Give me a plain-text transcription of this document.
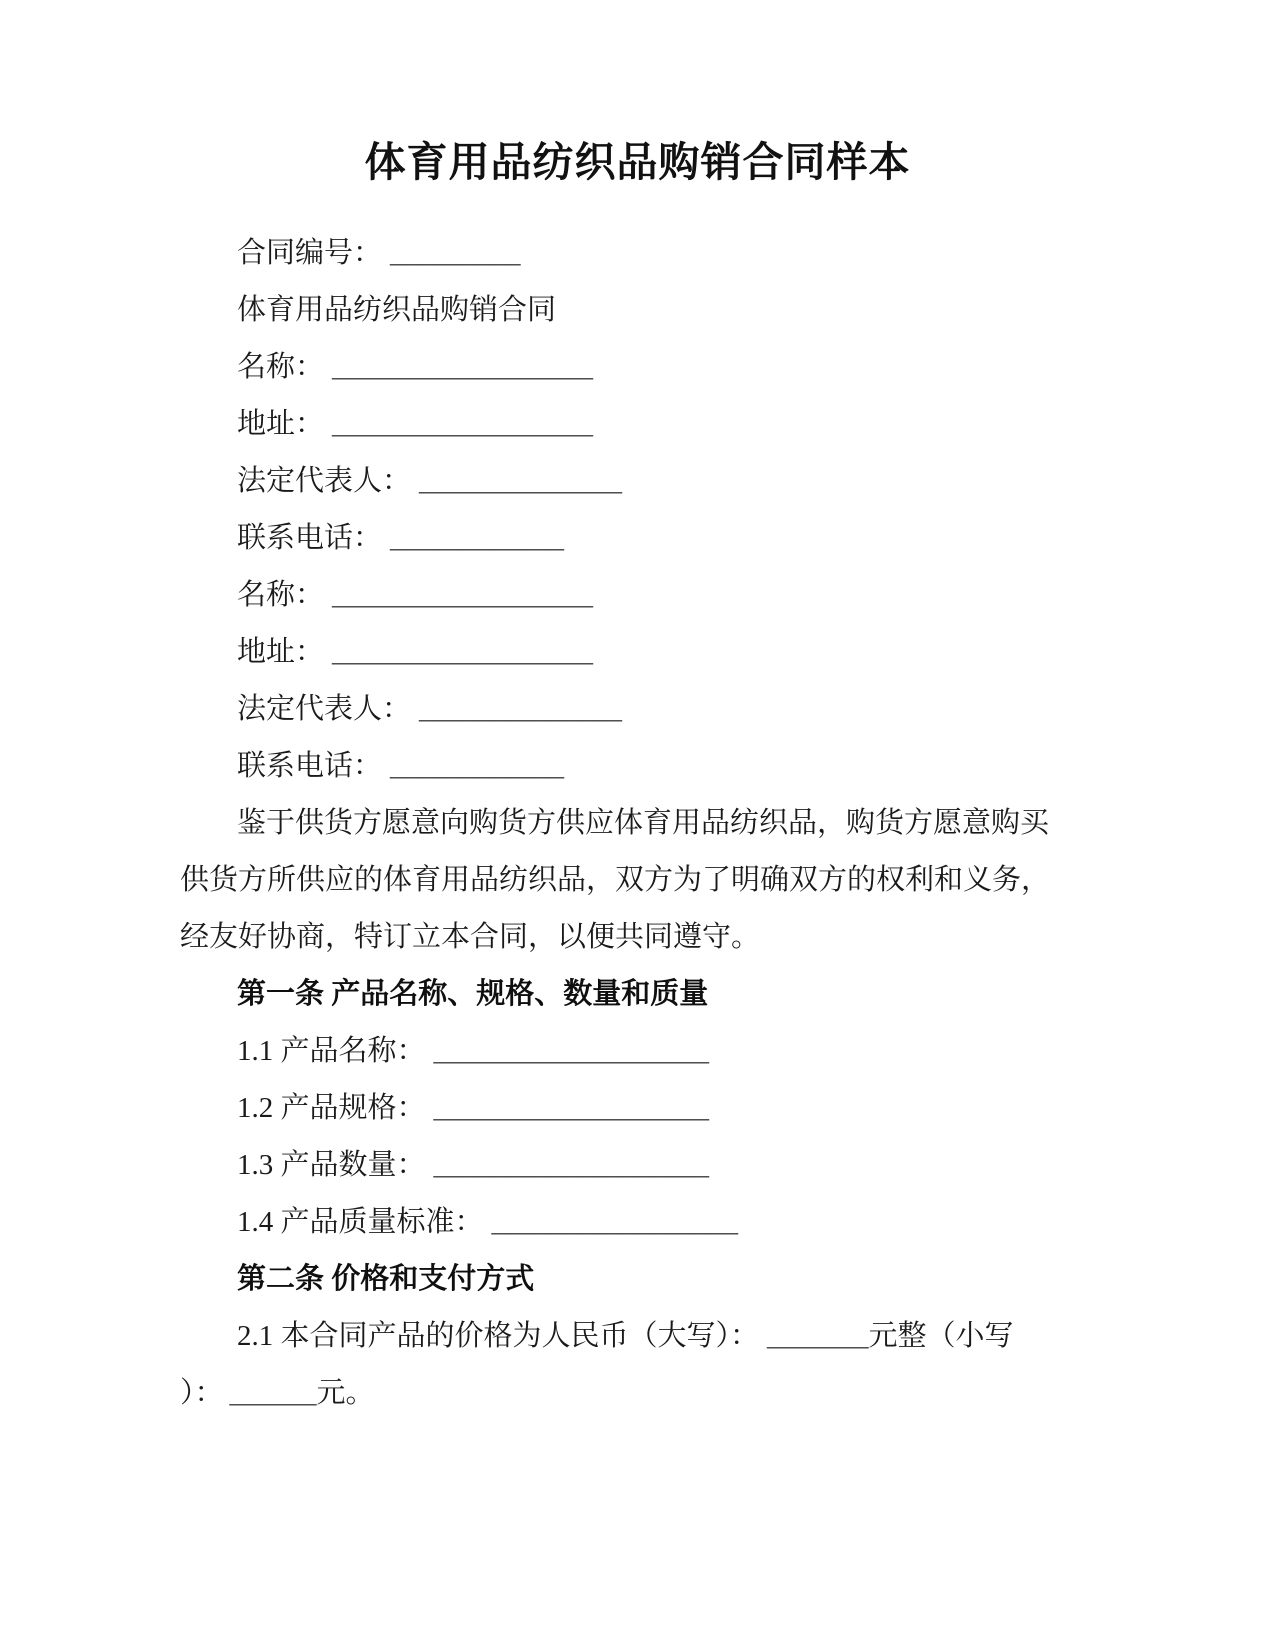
体育用品纺织品购销合同样本
合同编号： _________
体育用品纺织品购销合同
名称： __________________
地址： __________________
法定代表人： ______________
联系电话： ____________
名称： __________________
地址： __________________
法定代表人： ______________
联系电话： ____________
鉴于供货方愿意向购货方供应体育用品纺织品，购货方愿意购买
供货方所供应的体育用品纺织品，双方为了明确双方的权利和义务，
经友好协商，特订立本合同，以便共同遵守。
第一条 产品名称、规格、数量和质量
1.1 产品名称： ___________________
1.2 产品规格： ___________________
1.3 产品数量： ___________________
1.4 产品质量标准： _________________
第二条 价格和支付方式
2.1 本合同产品的价格为人民币（大写）： _______元整（小写
）： ______元。
